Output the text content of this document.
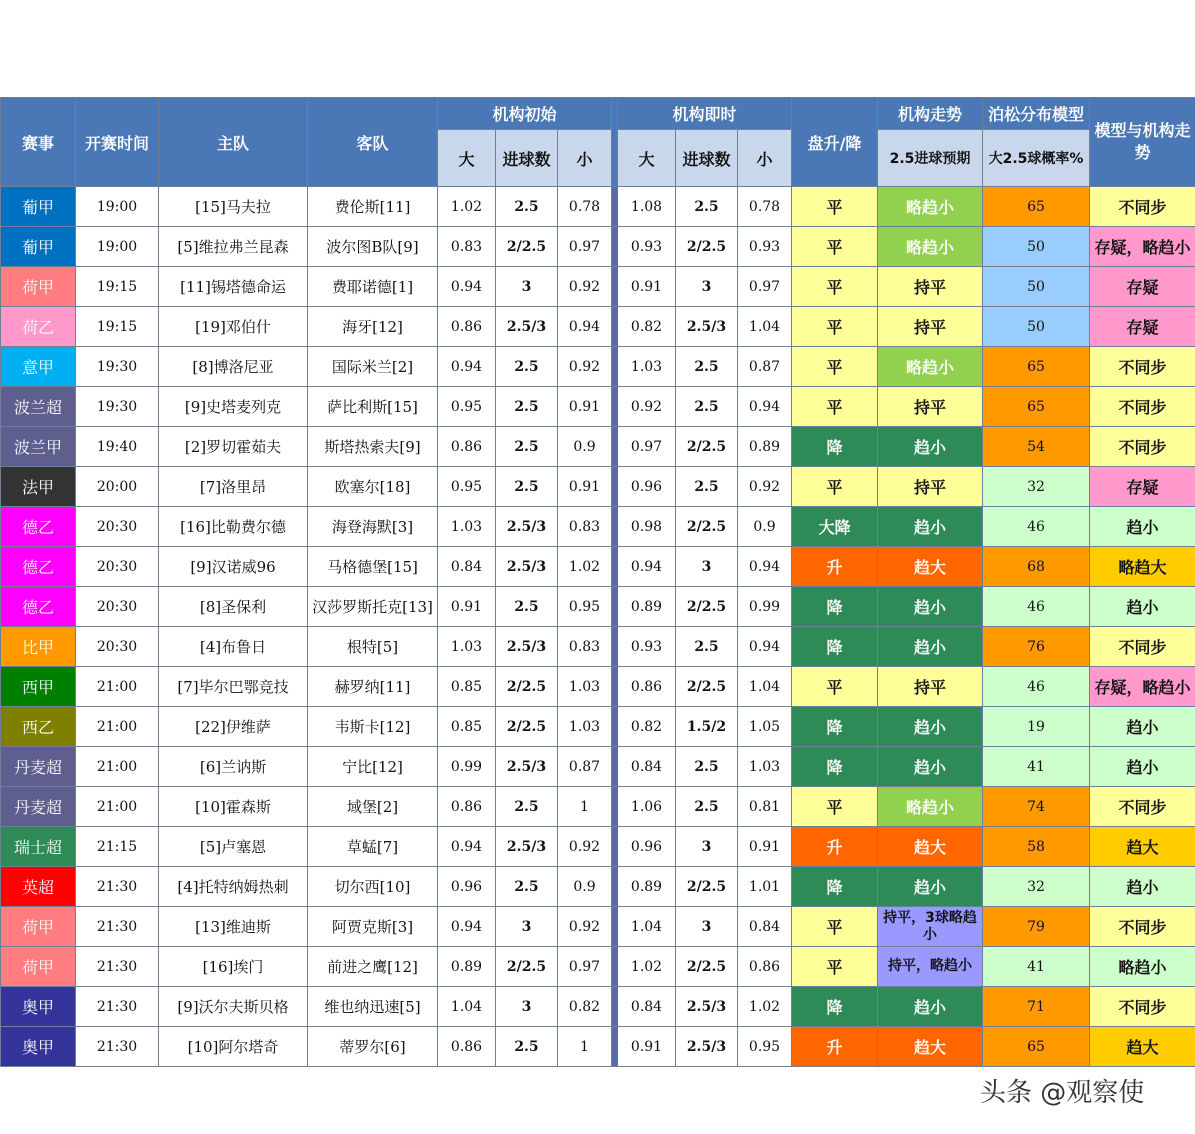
赛事	开赛时间	主队	客队	机构初始				机构即时			盘升/降	机构走势	泊松分布模型	模型与机构走势
				大	进球数	小		大	进球数	小		2.5进球预期	大2.5球概率%	
葡甲	19:00	[15]马夫拉	费伦斯[11]	1.02	2.5	0.78		1.08	2.5	0.78	平	略趋小	65	不同步
葡甲	19:00	[5]维拉弗兰昆森	波尔图B队[9]	0.83	2/2.5	0.97		0.93	2/2.5	0.93	平	略趋小	50	存疑，略趋小
荷甲	19:15	[11]锡塔德命运	费耶诺德[1]	0.94	3	0.92		0.91	3	0.97	平	持平	50	存疑
荷乙	19:15	[19]邓伯什	海牙[12]	0.86	2.5/3	0.94		0.82	2.5/3	1.04	平	持平	50	存疑
意甲	19:30	[8]博洛尼亚	国际米兰[2]	0.94	2.5	0.92		1.03	2.5	0.87	平	略趋小	65	不同步
波兰超	19:30	[9]史塔麦列克	萨比利斯[15]	0.95	2.5	0.91		0.92	2.5	0.94	平	持平	65	不同步
波兰甲	19:40	[2]罗切霍茹夫	斯塔热索夫[9]	0.86	2.5	0.9		0.97	2/2.5	0.89	降	趋小	54	不同步
法甲	20:00	[7]洛里昂	欧塞尔[18]	0.95	2.5	0.91		0.96	2.5	0.92	平	持平	32	存疑
德乙	20:30	[16]比勒费尔德	海登海默[3]	1.03	2.5/3	0.83		0.98	2/2.5	0.9	大降	趋小	46	趋小
德乙	20:30	[9]汉诺威96	马格德堡[15]	0.84	2.5/3	1.02		0.94	3	0.94	升	趋大	68	略趋大
德乙	20:30	[8]圣保利	汉莎罗斯托克[13]	0.91	2.5	0.95		0.89	2/2.5	0.99	降	趋小	46	趋小
比甲	20:30	[4]布鲁日	根特[5]	1.03	2.5/3	0.83		0.93	2.5	0.94	降	趋小	76	不同步
西甲	21:00	[7]毕尔巴鄂竞技	赫罗纳[11]	0.85	2/2.5	1.03		0.86	2/2.5	1.04	平	持平	46	存疑，略趋小
西乙	21:00	[22]伊维萨	韦斯卡[12]	0.85	2/2.5	1.03		0.82	1.5/2	1.05	降	趋小	19	趋小
丹麦超	21:00	[6]兰讷斯	宁比[12]	0.99	2.5/3	0.87		0.84	2.5	1.03	降	趋小	41	趋小
丹麦超	21:00	[10]霍森斯	域堡[2]	0.86	2.5	1		1.06	2.5	0.81	平	略趋小	74	不同步
瑞士超	21:15	[5]卢塞恩	草蜢[7]	0.94	2.5/3	0.92		0.96	3	0.91	升	趋大	58	趋大
英超	21:30	[4]托特纳姆热刺	切尔西[10]	0.96	2.5	0.9		0.89	2/2.5	1.01	降	趋小	32	趋小
荷甲	21:30	[13]维迪斯	阿贾克斯[3]	0.94	3	0.92		1.04	3	0.84	平	持平，3球略趋小	79	不同步
荷甲	21:30	[16]埃门	前进之鹰[12]	0.89	2/2.5	0.97		1.02	2/2.5	0.86	平	持平，略趋小	41	略趋小
奥甲	21:30	[9]沃尔夫斯贝格	维也纳迅速[5]	1.04	3	0.82		0.84	2.5/3	1.02	降	趋小	71	不同步
奥甲	21:30	[10]阿尔塔奇	蒂罗尔[6]	0.86	2.5	1		0.91	2.5/3	0.95	升	趋大	65	趋大
头条 @观察使
